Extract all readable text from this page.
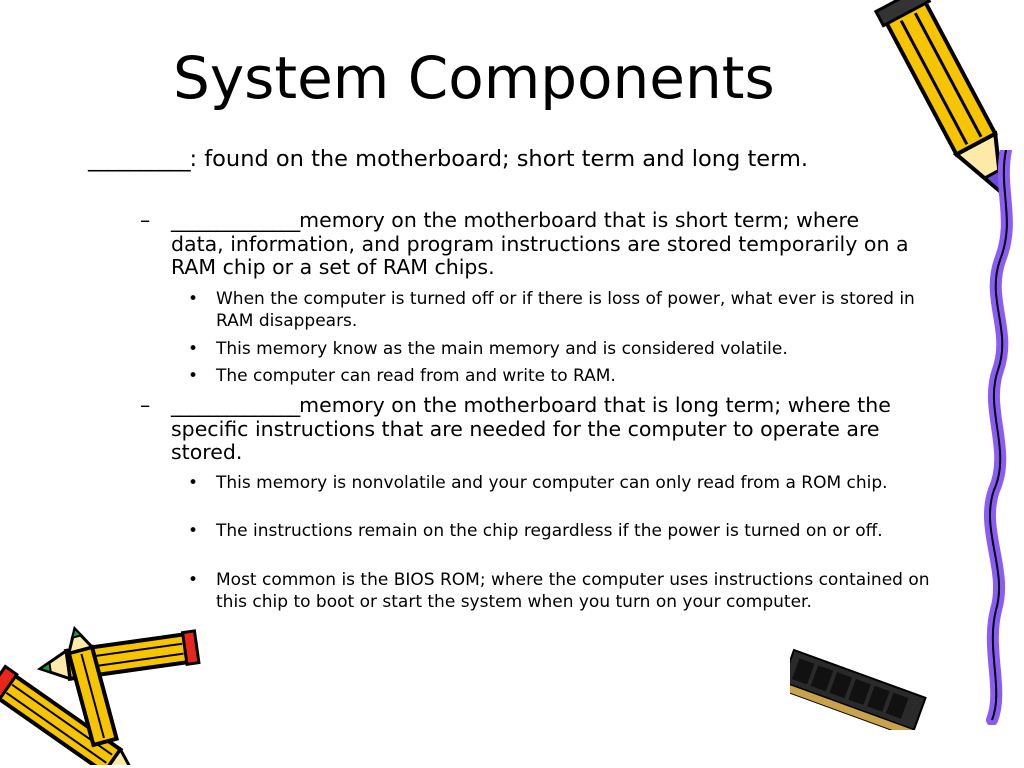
System Components
__________: found on the motherboard; short term and long term.
– ______________memory on the motherboard that is short term; where data, information, and program instructions are stored temporarily on a RAM chip or a set of RAM chips.
• When the computer is turned off or if there is loss of power, what ever is stored in RAM disappears.
• This memory know as the main memory and is considered volatile.
• The computer can read from and write to RAM.
– ______________memory on the motherboard that is long term; where the specific instructions that are needed for the computer to operate are stored.
• This memory is nonvolatile and your computer can only read from a ROM chip.
• The instructions remain on the chip regardless if the power is turned on or off.
• Most common is the BIOS ROM; where the computer uses instructions contained on this chip to boot or start the system when you turn on your computer.
